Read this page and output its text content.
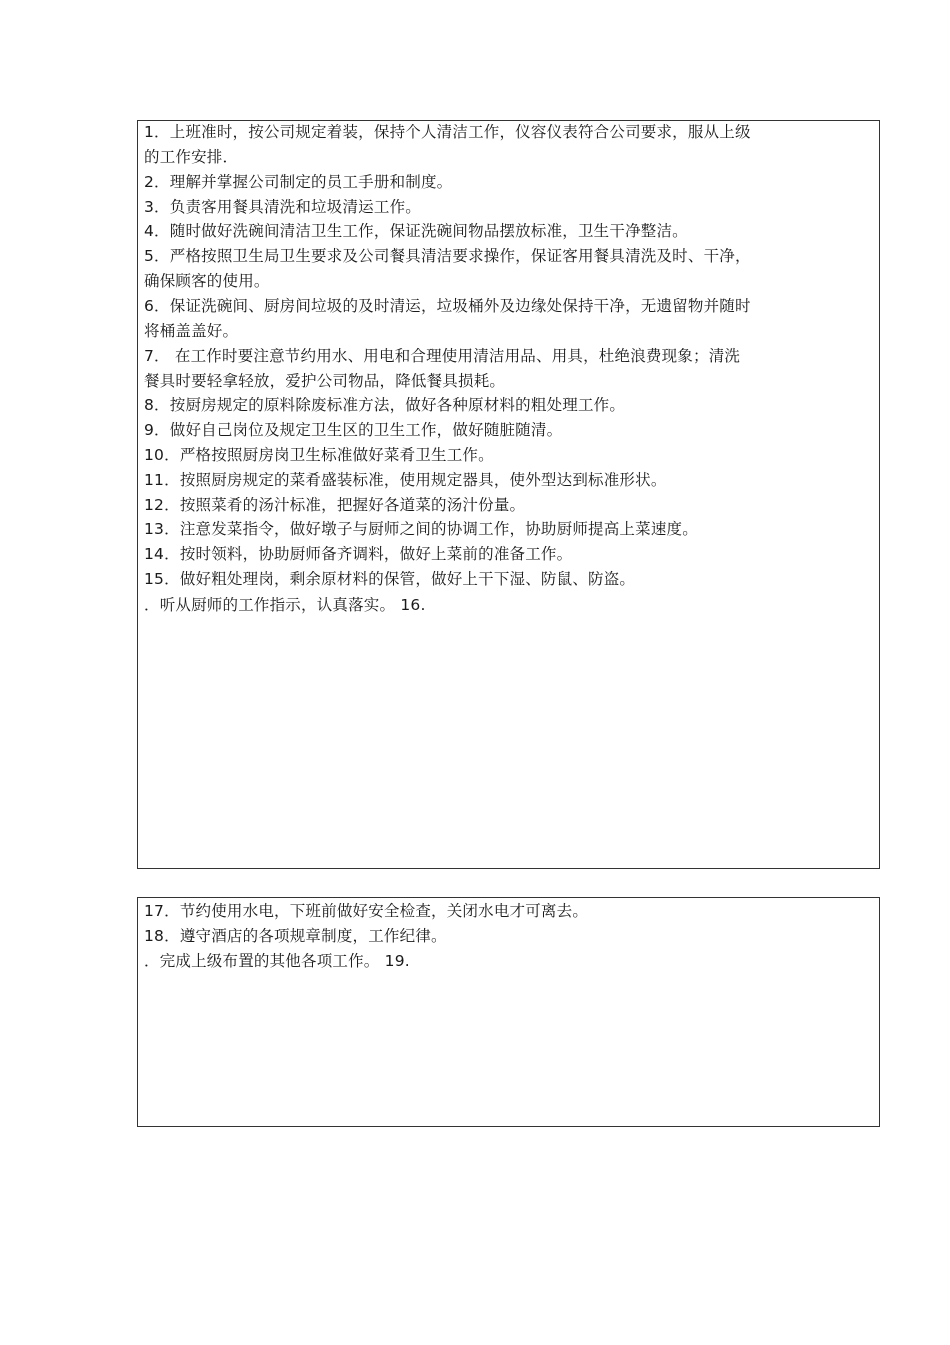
1．上班准时，按公司规定着装，保持个人清洁工作，仪容仪表符合公司要求，服从上级
的工作安排．
2．理解并掌握公司制定的员工手册和制度。
3．负责客用餐具清洗和垃圾清运工作。
4．随时做好洗碗间清洁卫生工作，保证洗碗间物品摆放标准，卫生干净整洁。
5．严格按照卫生局卫生要求及公司餐具清洁要求操作，保证客用餐具清洗及时、干净，
确保顾客的使用。
6．保证洗碗间、厨房间垃圾的及时清运，垃圾桶外及边缘处保持干净，无遗留物并随时
将桶盖盖好。
7． 在工作时要注意节约用水、用电和合理使用清洁用品、用具，杜绝浪费现象；清洗
餐具时要轻拿轻放，爱护公司物品，降低餐具损耗。
8．按厨房规定的原料除废标准方法，做好各种原材料的粗处理工作。
9．做好自己岗位及规定卫生区的卫生工作，做好随脏随清。
10．严格按照厨房岗卫生标准做好菜肴卫生工作。
11．按照厨房规定的菜肴盛装标准，使用规定器具，使外型达到标准形状。
12．按照菜肴的汤汁标准，把握好各道菜的汤汁份量。
13．注意发菜指令，做好墩子与厨师之间的协调工作，协助厨师提高上菜速度。
14．按时领料，协助厨师备齐调料，做好上菜前的准备工作。
15．做好粗处理岗，剩余原材料的保管，做好上干下湿、防鼠、防盗。
．听从厨师的工作指示，认真落实。 16.
17．节约使用水电，下班前做好安全检查，关闭水电才可离去。
18．遵守酒店的各项规章制度，工作纪律。
．完成上级布置的其他各项工作。 19.
